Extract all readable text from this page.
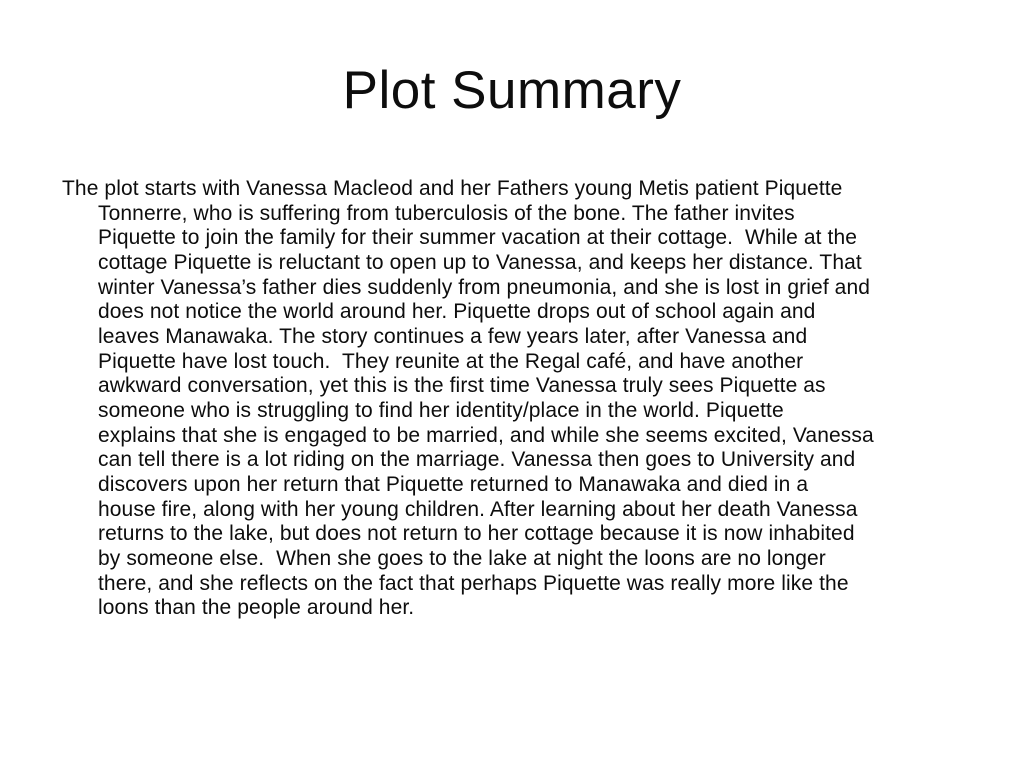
Plot Summary
The plot starts with Vanessa Macleod and her Fathers young Metis patient Piquette
Tonnerre, who is suffering from tuberculosis of the bone. The father invites
Piquette to join the family for their summer vacation at their cottage.  While at the
cottage Piquette is reluctant to open up to Vanessa, and keeps her distance. That
winter Vanessa’s father dies suddenly from pneumonia, and she is lost in grief and
does not notice the world around her. Piquette drops out of school again and
leaves Manawaka. The story continues a few years later, after Vanessa and
Piquette have lost touch.  They reunite at the Regal café, and have another
awkward conversation, yet this is the first time Vanessa truly sees Piquette as
someone who is struggling to find her identity/place in the world. Piquette
explains that she is engaged to be married, and while she seems excited, Vanessa
can tell there is a lot riding on the marriage. Vanessa then goes to University and
discovers upon her return that Piquette returned to Manawaka and died in a
house fire, along with her young children. After learning about her death Vanessa
returns to the lake, but does not return to her cottage because it is now inhabited
by someone else.  When she goes to the lake at night the loons are no longer
there, and she reflects on the fact that perhaps Piquette was really more like the
loons than the people around her.
